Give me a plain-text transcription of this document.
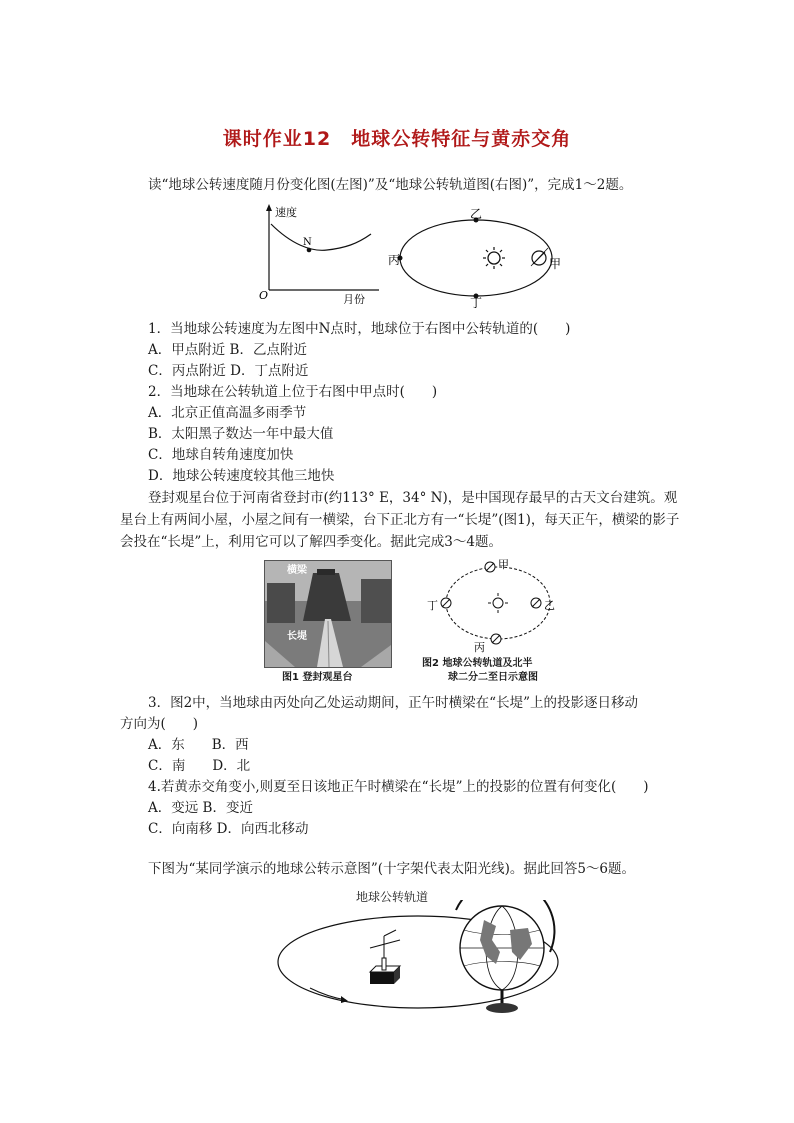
课时作业12　地球公转特征与黄赤交角
读“地球公转速度随月份变化图(左图)”及“地球公转轨道图(右图)”，完成1～2题。
速度
O	月份
N
乙
丙
丁
甲
1．当地球公转速度为左图中N点时，地球位于右图中公转轨道的(　　)
A．甲点附近 B．乙点附近
C．丙点附近 D．丁点附近
2．当地球在公转轨道上位于右图中甲点时(　　)
A．北京正值高温多雨季节
B．太阳黑子数达一年中最大值
C．地球自转角速度加快
D．地球公转速度较其他三地快
登封观星台位于河南省登封市(约113° E，34° N)，是中国现存最早的古天文台建筑。观星台上有两间小屋，小屋之间有一横梁，台下正北方有一“长堤”(图1)，每天正午，横梁的影子会投在“长堤”上，利用它可以了解四季变化。据此完成3～4题。
横梁
长堤
图1 登封观星台
甲
丁	乙
丙
图2 地球公转轨道及北半
球二分二至日示意图
3．图2中，当地球由丙处向乙处运动期间，正午时横梁在“长堤”上的投影逐日移动
方向为(　　)
A．东　　B．西
C．南　　D．北
4.若黄赤交角变小,则夏至日该地正午时横梁在“长堤”上的投影的位置有何变化(　　)
A．变远 B．变近
C．向南移 D．向西北移动
下图为“某同学演示的地球公转示意图”(十字架代表太阳光线)。据此回答5～6题。
地球公转轨道
